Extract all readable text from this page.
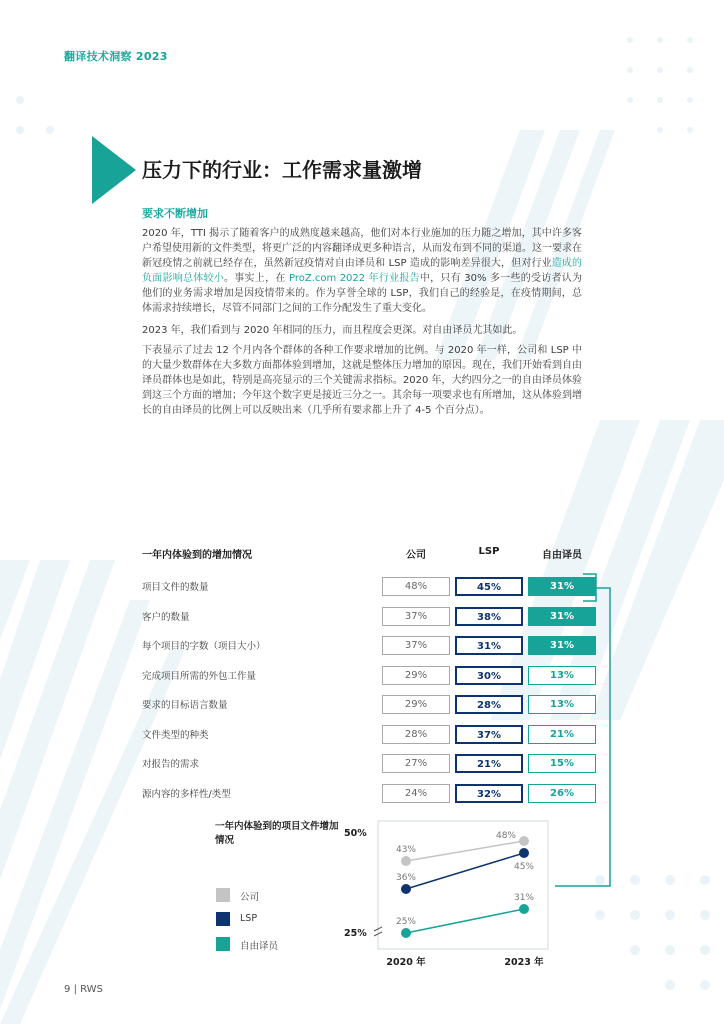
翻译技术洞察 2023
压力下的行业：工作需求量激增
要求不断增加
2020 年，TTI 揭示了随着客户的成熟度越来越高，他们对本行业施加的压力随之增加，其中许多客户希望使用新的文件类型，将更广泛的内容翻译成更多种语言，从而发布到不同的渠道。这一要求在新冠疫情之前就已经存在，虽然新冠疫情对自由译员和 LSP 造成的影响差异很大，但对行业造成的负面影响总体较小。事实上，在 ProZ.com 2022 年行业报告中，只有 30% 多一些的受访者认为他们的业务需求增加是因疫情带来的。作为享誉全球的 LSP，我们自己的经验是，在疫情期间，总体需求持续增长，尽管不同部门之间的工作分配发生了重大变化。
2023 年，我们看到与 2020 年相同的压力，而且程度会更深。对自由译员尤其如此。
下表显示了过去 12 个月内各个群体的各种工作要求增加的比例。与 2020 年一样，公司和 LSP 中的大量少数群体在大多数方面都体验到增加，这就是整体压力增加的原因。现在，我们开始看到自由译员群体也是如此，特别是高亮显示的三个关键需求指标。2020 年，大约四分之一的自由译员体验到这三个方面的增加；今年这个数字更是接近三分之一。其余每一项要求也有所增加，这从体验到增长的自由译员的比例上可以反映出来（几乎所有要求都上升了 4-5 个百分点）。
一年内体验到的增加情况	公司	LSP	自由译员
项目文件的数量	48%	45%	31%
客户的数量	37%	38%	31%
每个项目的字数（项目大小）	37%	31%	31%
完成项目所需的外包工作量	29%	30%	13%
要求的目标语言数量	29%	28%	13%
文件类型的种类	28%	37%	21%
对报告的需求	27%	21%	15%
源内容的多样性/类型	24%	32%	26%
一年内体验到的项目文件增加情况
公司
LSP
自由译员
50%
25%
2020 年	2023 年
43%
48%
36%
45%
25%
31%
9 | RWS
